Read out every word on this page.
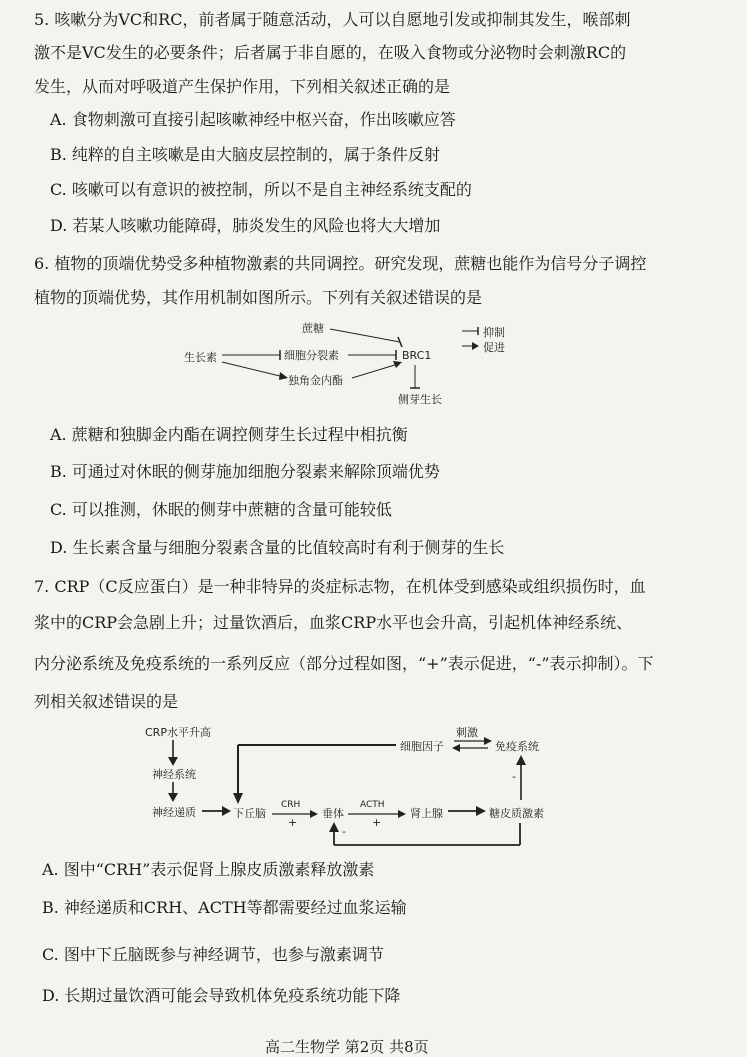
5. 咳嗽分为VC和RC，前者属于随意活动，人可以自愿地引发或抑制其发生，喉部刺
激不是VC发生的必要条件；后者属于非自愿的，在吸入食物或分泌物时会刺激RC的
发生，从而对呼吸道产生保护作用，下列相关叙述正确的是
A. 食物刺激可直接引起咳嗽神经中枢兴奋，作出咳嗽应答
B. 纯粹的自主咳嗽是由大脑皮层控制的，属于条件反射
C. 咳嗽可以有意识的被控制，所以不是自主神经系统支配的
D. 若某人咳嗽功能障碍，肺炎发生的风险也将大大增加
6. 植物的顶端优势受多种植物激素的共同调控。研究发现，蔗糖也能作为信号分子调控
植物的顶端优势，其作用机制如图所示。下列有关叙述错误的是
蔗糖
生长素	细胞分裂素
独角金内酯
BRC1
侧芽生长
抑制
促进
A. 蔗糖和独脚金内酯在调控侧芽生长过程中相抗衡
B. 可通过对休眠的侧芽施加细胞分裂素来解除顶端优势
C. 可以推测，休眠的侧芽中蔗糖的含量可能较低
D. 生长素含量与细胞分裂素含量的比值较高时有利于侧芽的生长
7. CRP（C反应蛋白）是一种非特异的炎症标志物，在机体受到感染或组织损伤时，血
浆中的CRP会急剧上升；过量饮酒后，血浆CRP水平也会升高，引起机体神经系统、
内分泌系统及免疫系统的一系列反应（部分过程如图，“+”表示促进，“-”表示抑制）。下
列相关叙述错误的是
CRP水平升高
神经系统
神经递质	下丘脑
CRH
+
垂体
ACTH
+
肾上腺	糖皮质激素
-
-
细胞因子
刺激
免疫系统
A. 图中“CRH”表示促肾上腺皮质激素释放激素
B. 神经递质和CRH、ACTH等都需要经过血浆运输
C. 图中下丘脑既参与神经调节，也参与激素调节
D. 长期过量饮酒可能会导致机体免疫系统功能下降
高二生物学 第2页 共8页
